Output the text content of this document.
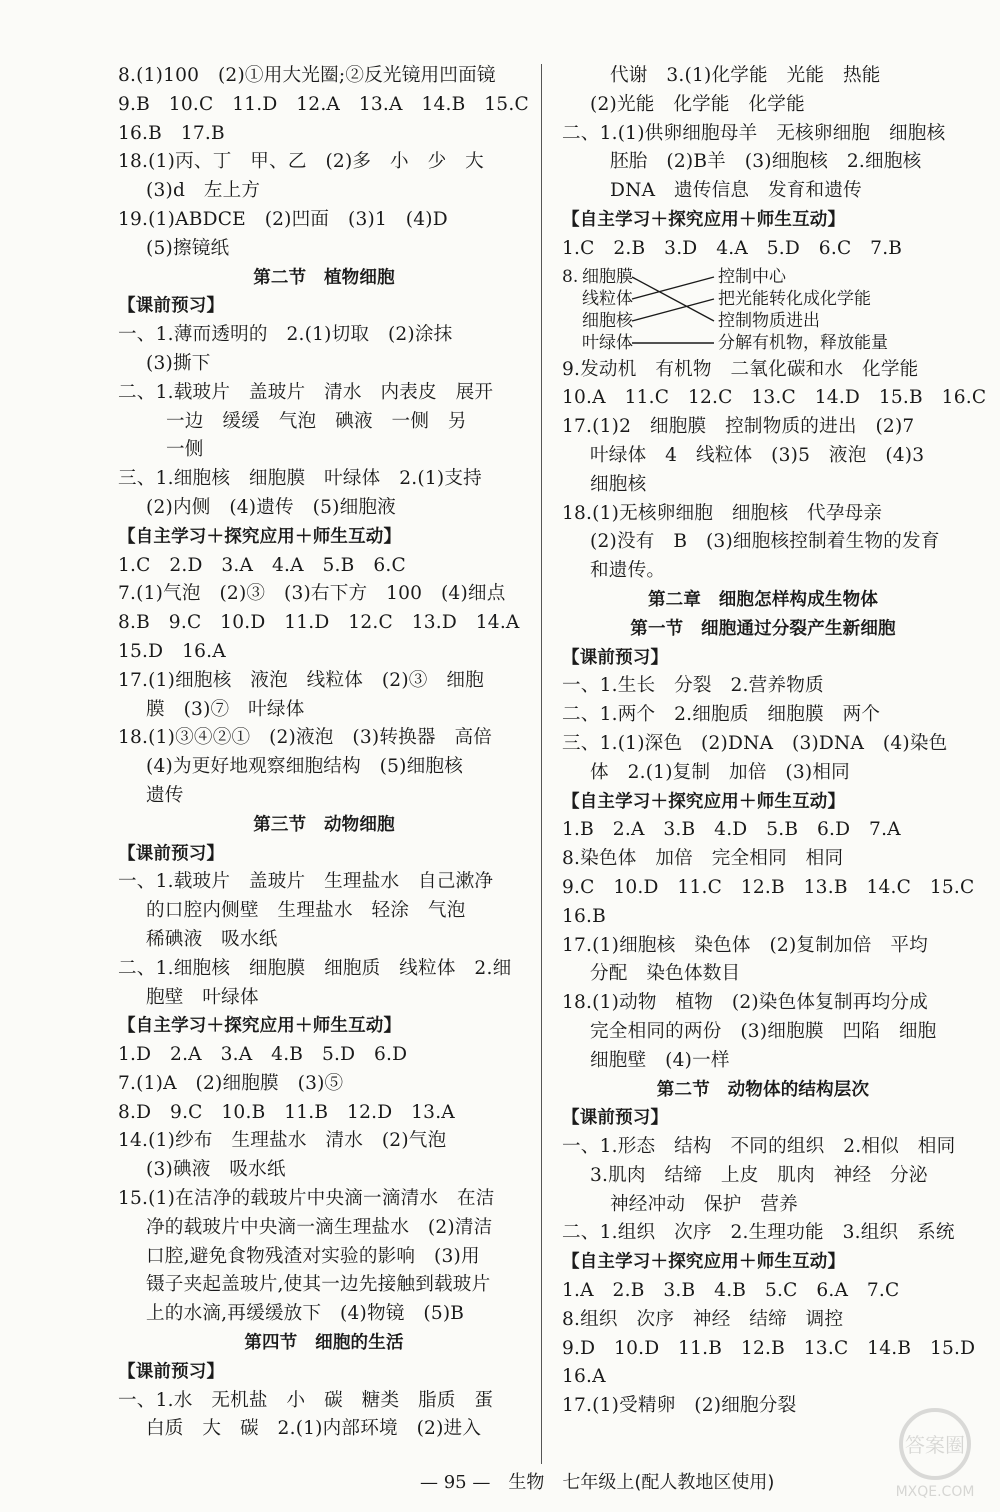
8.(1)100　(2)①用大光圈;②反光镜用凹面镜
9.B　10.C　11.D　12.A　13.A　14.B　15.C
16.B　17.B
18.(1)丙、丁　甲、乙　(2)多　小　少　大
(3)d　左上方
19.(1)ABDCE　(2)凹面　(3)1　(4)D
(5)擦镜纸
第二节　植物细胞
【课前预习】
一、1.薄而透明的　2.(1)切取　(2)涂抹
(3)撕下
二、1.载玻片　盖玻片　清水　内表皮　展开
一边　缓缓　气泡　碘液　一侧　另
一侧
三、1.细胞核　细胞膜　叶绿体　2.(1)支持
(2)内侧　(4)遗传　(5)细胞液
【自主学习＋探究应用＋师生互动】
1.C　2.D　3.A　4.A　5.B　6.C
7.(1)气泡　(2)③　(3)右下方　100　(4)细点
8.B　9.C　10.D　11.D　12.C　13.D　14.A
15.D　16.A
17.(1)细胞核　液泡　线粒体　(2)③　细胞
膜　(3)⑦　叶绿体
18.(1)③④②①　(2)液泡　(3)转换器　高倍
(4)为更好地观察细胞结构　(5)细胞核
遗传
第三节　动物细胞
【课前预习】
一、1.载玻片　盖玻片　生理盐水　自己漱净
的口腔内侧壁　生理盐水　轻涂　气泡
稀碘液　吸水纸
二、1.细胞核　细胞膜　细胞质　线粒体　2.细
胞壁　叶绿体
【自主学习＋探究应用＋师生互动】
1.D　2.A　3.A　4.B　5.D　6.D
7.(1)A　(2)细胞膜　(3)⑤
8.D　9.C　10.B　11.B　12.D　13.A
14.(1)纱布　生理盐水　清水　(2)气泡
(3)碘液　吸水纸
15.(1)在洁净的载玻片中央滴一滴清水　在洁
净的载玻片中央滴一滴生理盐水　(2)清洁
口腔,避免食物残渣对实验的影响　(3)用
镊子夹起盖玻片,使其一边先接触到载玻片
上的水滴,再缓缓放下　(4)物镜　(5)B
第四节　细胞的生活
【课前预习】
一、1.水　无机盐　小　碳　糖类　脂质　蛋
白质　大　碳　2.(1)内部环境　(2)进入
代谢　3.(1)化学能　光能　热能
(2)光能　化学能　化学能
二、1.(1)供卵细胞母羊　无核卵细胞　细胞核
胚胎　(2)B羊　(3)细胞核　2.细胞核
DNA　遗传信息　发育和遗传
【自主学习＋探究应用＋师生互动】
1.C　2.B　3.D　4.A　5.D　6.C　7.B
8. 细胞膜
线粒体
细胞核
叶绿体
控制中心
把光能转化成化学能
控制物质进出
分解有机物，释放能量
9.发动机　有机物　二氧化碳和水　化学能
10.A　11.C　12.C　13.C　14.D　15.B　16.C
17.(1)2　细胞膜　控制物质的进出　(2)7
叶绿体　4　线粒体　(3)5　液泡　(4)3
细胞核
18.(1)无核卵细胞　细胞核　代孕母亲
(2)没有　B　(3)细胞核控制着生物的发育
和遗传。
第二章　细胞怎样构成生物体
第一节　细胞通过分裂产生新细胞
【课前预习】
一、1.生长　分裂　2.营养物质
二、1.两个　2.细胞质　细胞膜　两个
三、1.(1)深色　(2)DNA　(3)DNA　(4)染色
体　2.(1)复制　加倍　(3)相同
【自主学习＋探究应用＋师生互动】
1.B　2.A　3.B　4.D　5.B　6.D　7.A
8.染色体　加倍　完全相同　相同
9.C　10.D　11.C　12.B　13.B　14.C　15.C
16.B
17.(1)细胞核　染色体　(2)复制加倍　平均
分配　染色体数目
18.(1)动物　植物　(2)染色体复制再均分成
完全相同的两份　(3)细胞膜　凹陷　细胞
细胞壁　(4)一样
第二节　动物体的结构层次
【课前预习】
一、1.形态　结构　不同的组织　2.相似　相同
3.肌肉　结缔　上皮　肌肉　神经　分泌
神经冲动　保护　营养
二、1.组织　次序　2.生理功能　3.组织　系统
【自主学习＋探究应用＋师生互动】
1.A　2.B　3.B　4.B　5.C　6.A　7.C
8.组织　次序　神经　结缔　调控
9.D　10.D　11.B　12.B　13.C　14.B　15.D
16.A
17.(1)受精卵　(2)细胞分裂
— 95 —　 生物　七年级上(配人教地区使用)
答案圈
MXQE.COM
